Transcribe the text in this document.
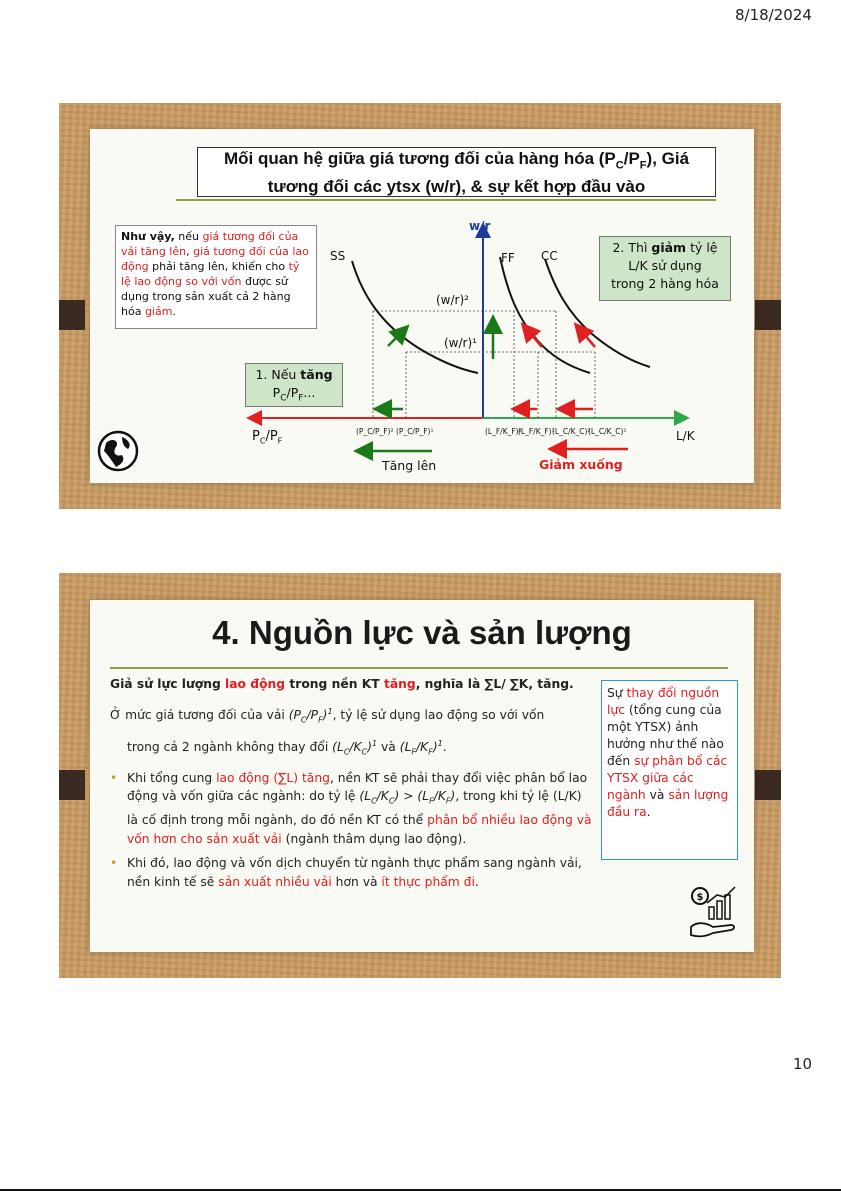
8/18/2024
Mối quan hệ giữa giá tương đối của hàng hóa $(P_C/P_F)$, Giá
tương đối các ytsx (w/r), & sự kết hợp đầu vào
Như vậy, nếu giá tương đối của vải tăng lên, giá tương đối của lao động phải tăng lên, khiến cho tỷ lệ lao động so với vốn được sử dụng trong sản xuất cả 2 hàng hóa giảm.
2. Thì giảm tỷ lệ
L/K sử dụng
trong 2 hàng hóa
1. Nếu tăng
$P_C/P_F$...
w/r
SS	FF CC
(w/r)²
(w/r)¹
L/K
$P_C/P_F$
(P_C/P_F)² (P_C/P_F)¹	(L_F/K_F)²
(L_F/K_F)¹
(L_C/K_C)²
(L_C/K_C)¹
Tăng lên	Giảm xuống
4. Nguồn lực và sản lượng

Giả sử lực lượng lao động trong nền KT tăng, nghĩa là ∑L/ ∑K, tăng.

Ở mức giá tương đối của vải $(P_C/P_F)^1$, tỷ lệ sử dụng lao động so với vốn

trong cả 2 ngành không thay đổi $(L_C/K_C)^1$ và $(L_F/K_F)^1$.

• Khi tổng cung lao động (∑L) tăng, nền KT sẽ phải thay đổi việc phân bổ lao động và vốn giữa các ngành: do tỷ lệ $(L_C/K_C) > (L_F/K_F)$, trong khi tỷ lệ (L/K) là cố định trong mỗi ngành, do đó nền KT có thể phân bổ nhiều lao động và vốn hơn cho sản xuất vải (ngành thâm dụng lao động).

• Khi đó, lao động và vốn dịch chuyển từ ngành thực phẩm sang ngành vải, nền kinh tế sẽ sản xuất nhiều vải hơn và ít thực phẩm đi.

Sự thay đổi nguồn lực (tổng cung của một YTSX) ảnh hưởng như thế nào đến sự phân bổ các YTSX giữa các ngành và sản lượng đầu ra.
$
10
